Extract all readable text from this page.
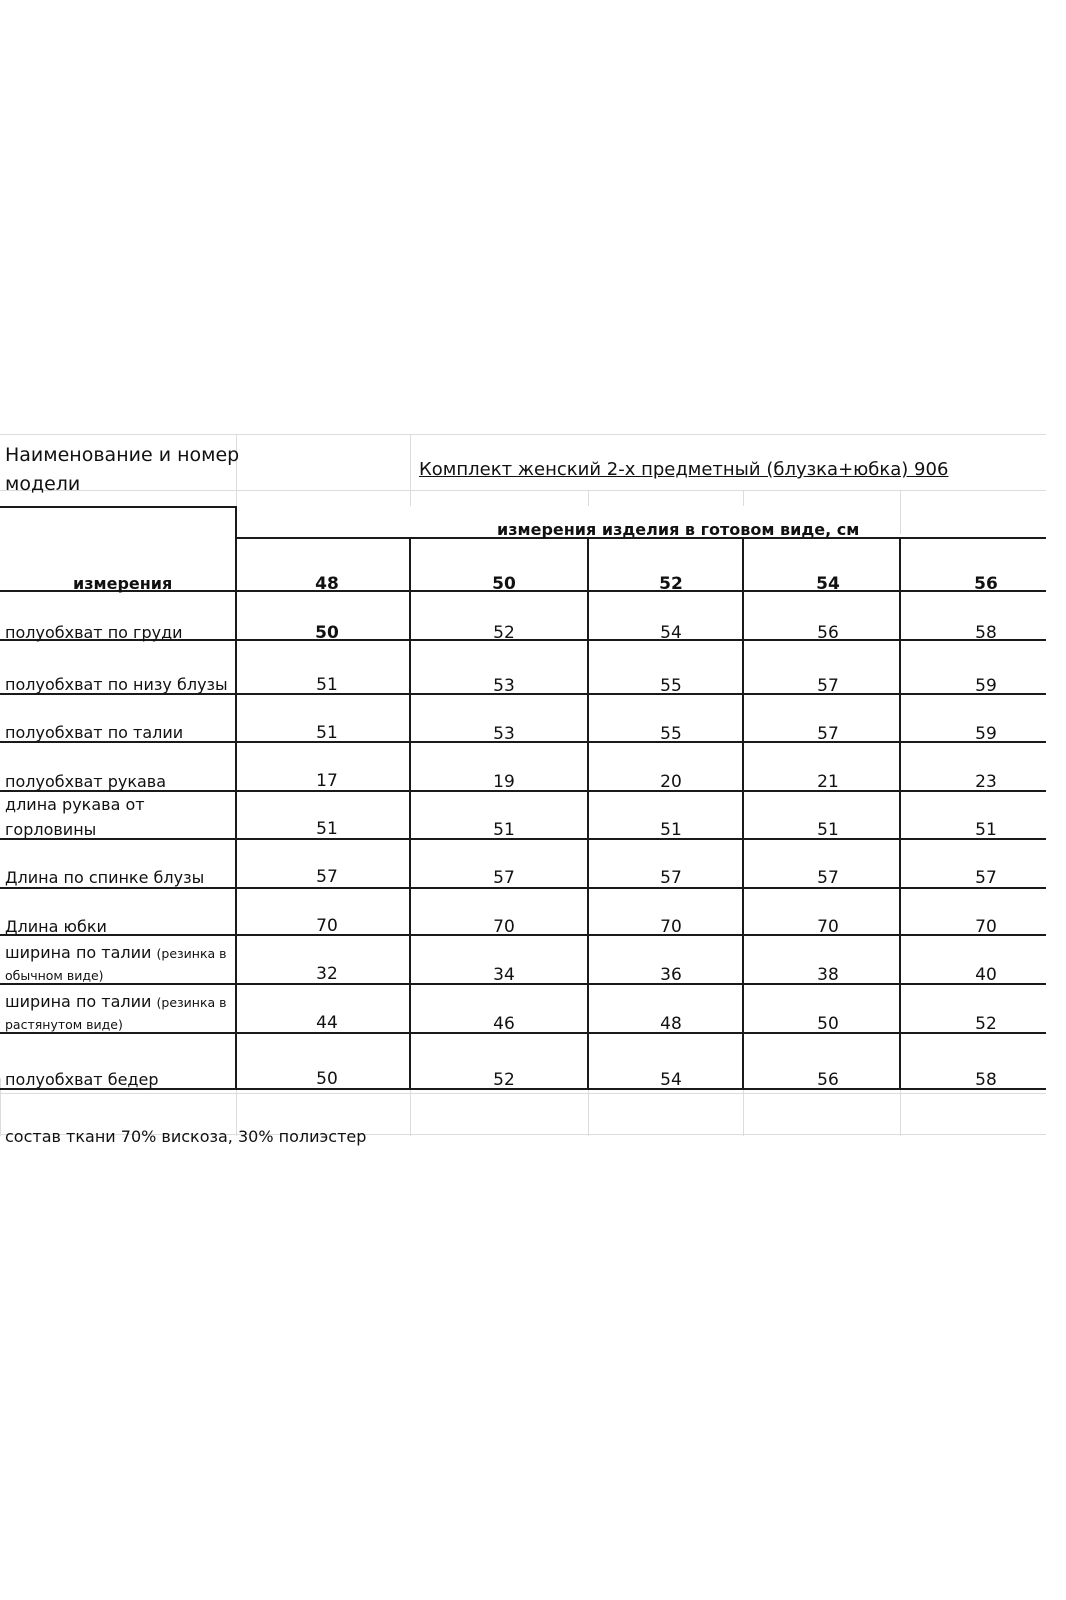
Наименование и номер
модели
Комплект женский 2-х предметный (блузка+юбка) 906
измерения изделия в готовом виде, см
измерения	48	50	52	54	56
полуобхват по груди	50	52	54	56	58
полуобхват по низу блузы	51	53	55	57	59
полуобхват по талии	51	53	55	57	59
полуобхват рукава	17	19	20	21	23
длина рукава от
горловины	51	51	51	51	51
Длина по спинке блузы	57	57	57	57	57
Длина юбки	70	70	70	70	70
ширина по талии (резинка в
обычном виде)	32	34	36	38	40
ширина по талии (резинка в
растянутом виде)	44	46	48	50	52
полуобхват бедер	50	52	54	56	58
состав ткани 70% вискоза, 30% полиэстер
